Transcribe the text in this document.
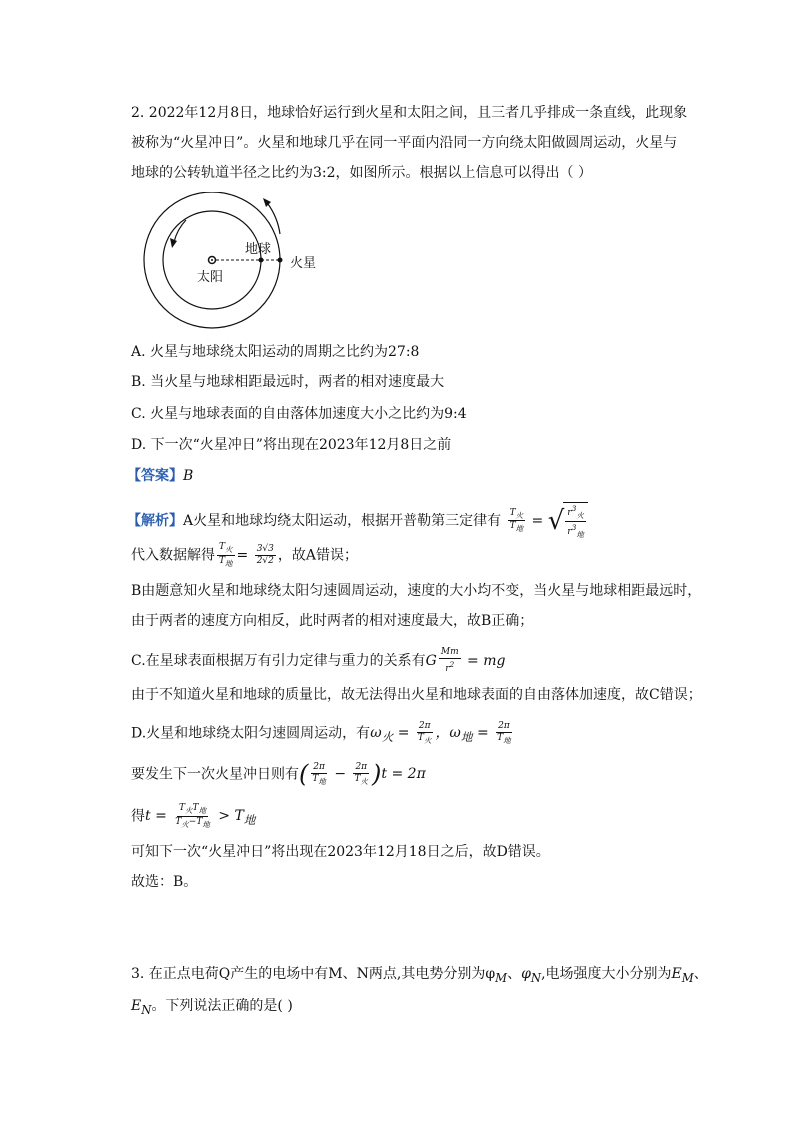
2. 2022年12月8日，地球恰好运行到火星和太阳之间，且三者几乎排成一条直线，此现象
被称为“火星冲日”。火星和地球几乎在同一平面内沿同一方向绕太阳做圆周运动，火星与
地球的公转轨道半径之比约为3:2，如图所示。根据以上信息可以得出（ ）
太阳
地球
火星
A. 火星与地球绕太阳运动的周期之比约为27:8
B. 当火星与地球相距最远时，两者的相对速度最大
C. 火星与地球表面的自由落体加速度大小之比约为9:4
D. 下一次“火星冲日”将出现在2023年12月8日之前
【答案】B
【解析】A火星和地球均绕太阳运动，根据开普勒第三定律有 $\frac{T_火}{T_地}$ = √ $\frac{r^3_火}{r^3_地}$
代入数据解得 $\frac{T_火}{T_地} = \frac{3√3}{2√2}$ ，故A错误；
B由题意知火星和地球绕太阳匀速圆周运动，速度的大小均不变，当火星与地球相距最远时，
由于两者的速度方向相反，此时两者的相对速度最大，故B正确；
C.在星球表面根据万有引力定律与重力的关系有G $\frac{Mm}{r^2}$ = mg
由于不知道火星和地球的质量比，故无法得出火星和地球表面的自由落体加速度，故C错误；
D.火星和地球绕太阳匀速圆周运动，有$\omega_火 = \frac{2\pi}{T_火}$ ，$\omega_地 = \frac{2\pi}{T_地}$
要发生下一次火星冲日则有( $\frac{2\pi}{T_地} - \frac{2\pi}{T_火} )t = 2\pi$
得$t = \frac{T_火T_地}{T_火-T_地} > T_地$
可知下一次“火星冲日”将出现在2023年12月18日之后，故D错误。
故选：B。
3. 在正点电荷Q产生的电场中有M、N两点,其电势分别为$\varphi_M$、$\varphi_N$,电场强度大小分别为$E_M$、
$E_N$。下列说法正确的是( )
